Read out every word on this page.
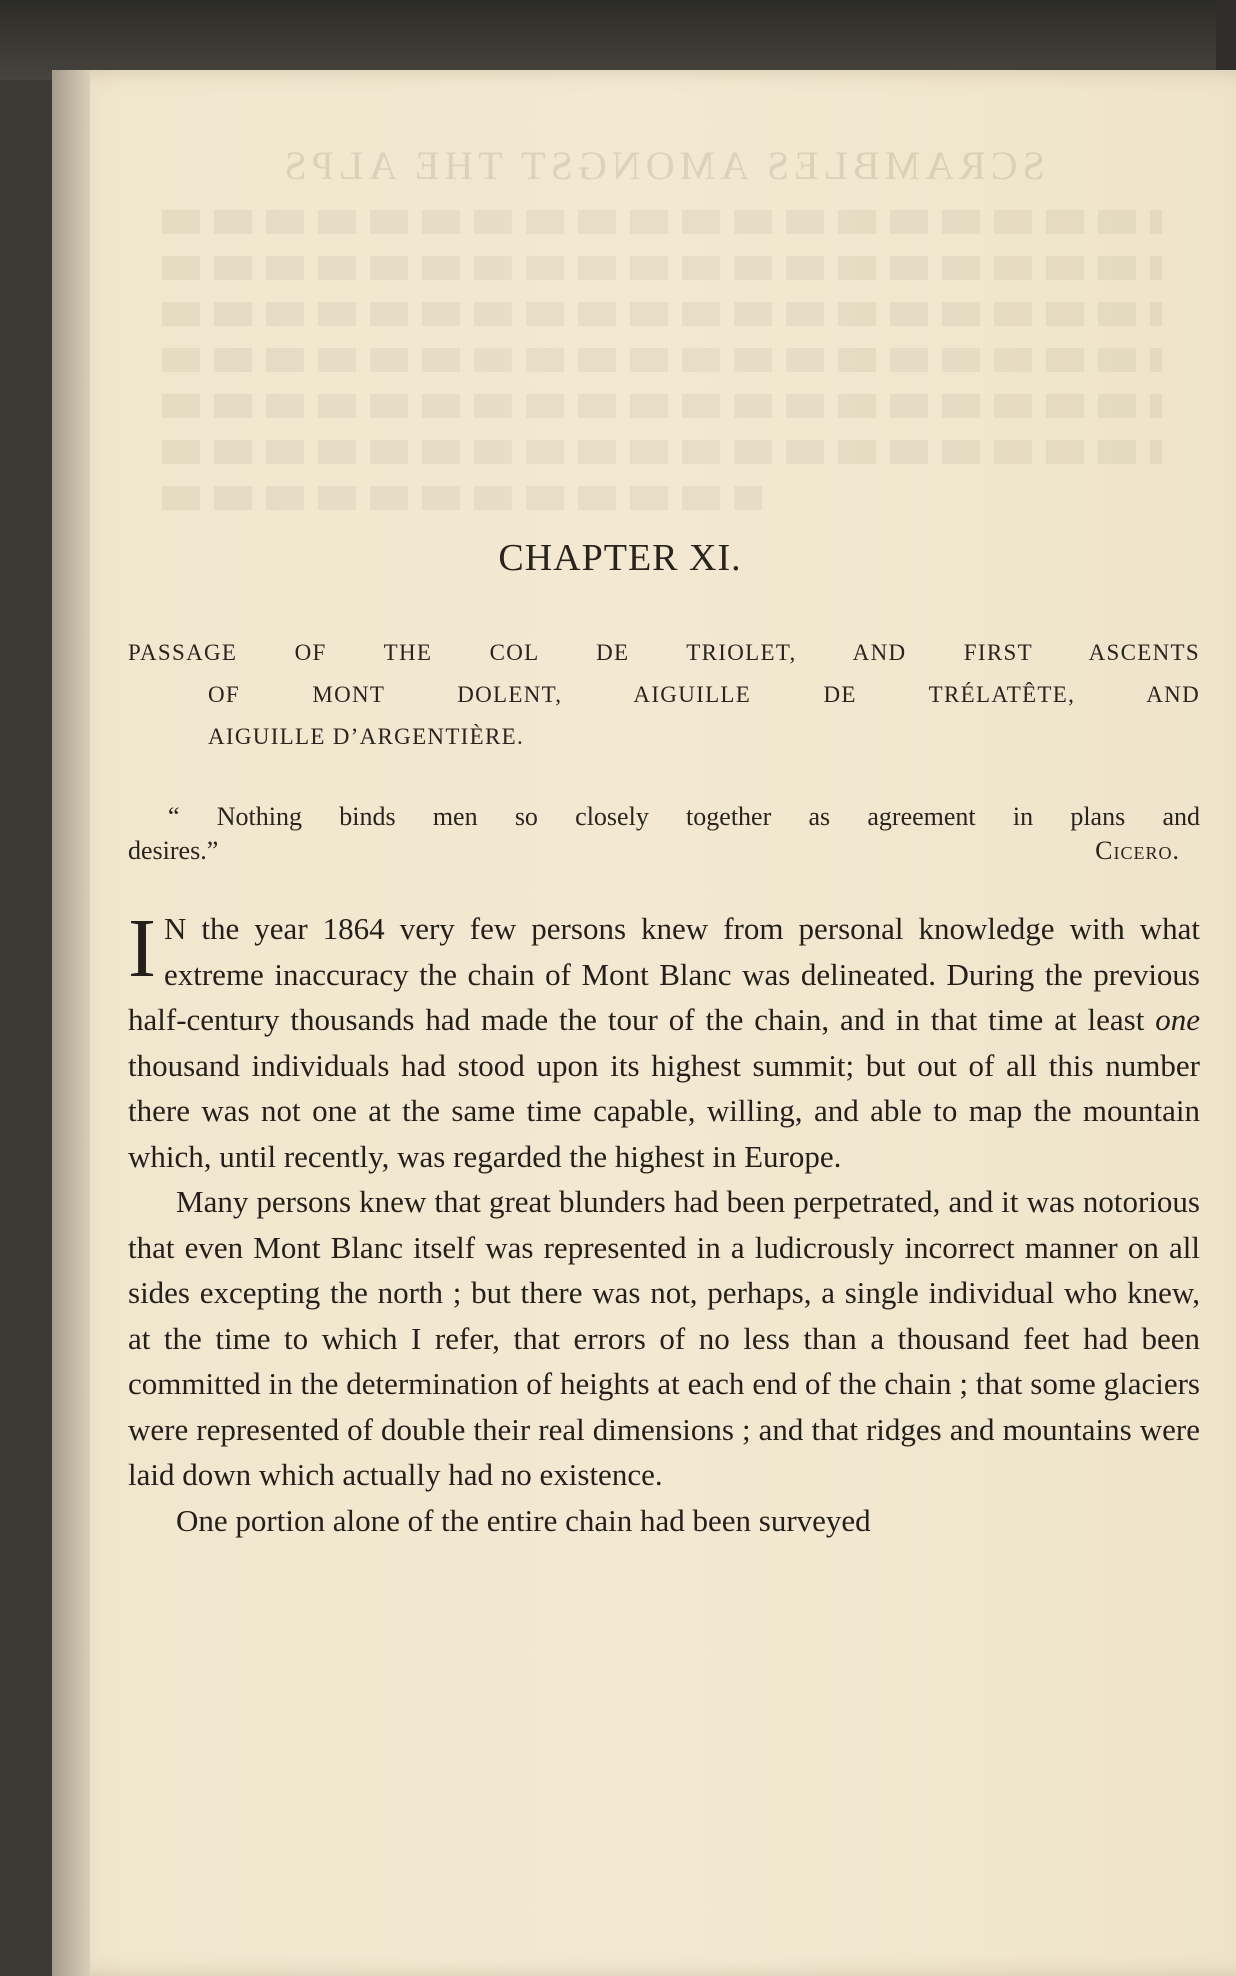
SCRAMBLES AMONGST THE ALPS
CHAPTER XI.

PASSAGE OF THE COL DE TRIOLET, AND FIRST ASCENTS
OF MONT DOLENT, AIGUILLE DE TRÉLATÊTE, AND
AIGUILLE D’ARGENTIÈRE.

“ Nothing binds men so closely together as agreement in plans and
desires.”	Cicero.

I N the year 1864 very few persons knew from personal knowledge with what extreme inaccuracy the chain of Mont Blanc was delineated. During the previous half-century thousands had made the tour of the chain, and in that time at least one thousand individuals had stood upon its highest summit; but out of all this number there was not one at the same time capable, willing, and able to map the mountain which, until recently, was regarded the highest in Europe.

Many persons knew that great blunders had been perpetrated, and it was notorious that even Mont Blanc itself was represented in a ludicrously incorrect manner on all sides excepting the north ; but there was not, perhaps, a single individual who knew, at the time to which I refer, that errors of no less than a thousand feet had been committed in the determination of heights at each end of the chain ; that some glaciers were represented of double their real dimensions ; and that ridges and mountains were laid down which actually had no existence.

One portion alone of the entire chain had been surveyed
